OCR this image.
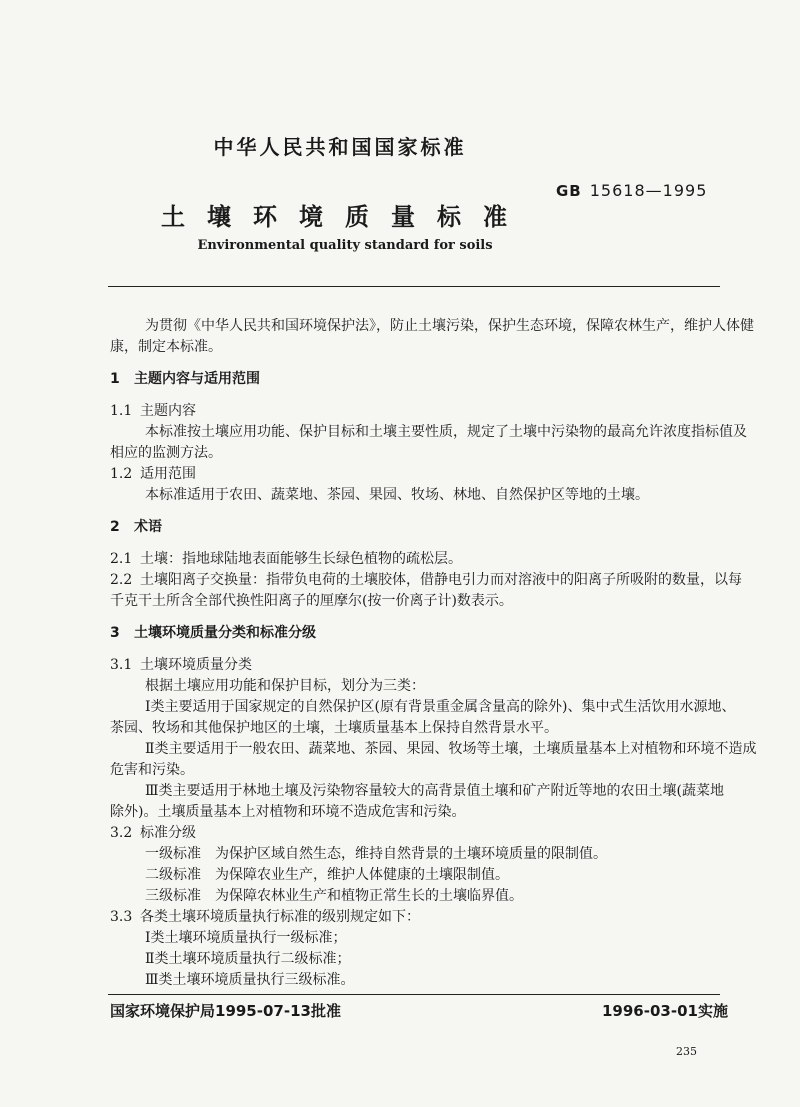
中华人民共和国国家标准
GB 15618—1995
土壤环境质量标准
Environmental quality standard for soils
为贯彻《中华人民共和国环境保护法》，防止土壤污染，保护生态环境，保障农林生产，维护人体健
康，制定本标准。
1 主题内容与适用范围
1.1 主题内容
本标准按土壤应用功能、保护目标和土壤主要性质，规定了土壤中污染物的最高允许浓度指标值及
相应的监测方法。
1.2 适用范围
本标准适用于农田、蔬菜地、茶园、果园、牧场、林地、自然保护区等地的土壤。
2 术语
2.1 土壤：指地球陆地表面能够生长绿色植物的疏松层。
2.2 土壤阳离子交换量：指带负电荷的土壤胶体，借静电引力而对溶液中的阳离子所吸附的数量，以每
千克干土所含全部代换性阳离子的厘摩尔(按一价离子计)数表示。
3 土壤环境质量分类和标准分级
3.1 土壤环境质量分类
根据土壤应用功能和保护目标，划分为三类：
Ⅰ类主要适用于国家规定的自然保护区(原有背景重金属含量高的除外)、集中式生活饮用水源地、
茶园、牧场和其他保护地区的土壤，土壤质量基本上保持自然背景水平。
Ⅱ类主要适用于一般农田、蔬菜地、茶园、果园、牧场等土壤，土壤质量基本上对植物和环境不造成
危害和污染。
Ⅲ类主要适用于林地土壤及污染物容量较大的高背景值土壤和矿产附近等地的农田土壤(蔬菜地
除外)。土壤质量基本上对植物和环境不造成危害和污染。
3.2 标准分级
一级标准　为保护区域自然生态，维持自然背景的土壤环境质量的限制值。
二级标准　为保障农业生产，维护人体健康的土壤限制值。
三级标准　为保障农林业生产和植物正常生长的土壤临界值。
3.3 各类土壤环境质量执行标准的级别规定如下：
Ⅰ类土壤环境质量执行一级标准；
Ⅱ类土壤环境质量执行二级标准；
Ⅲ类土壤环境质量执行三级标准。
国家环境保护局1995-07-13批准	1996-03-01实施
235
